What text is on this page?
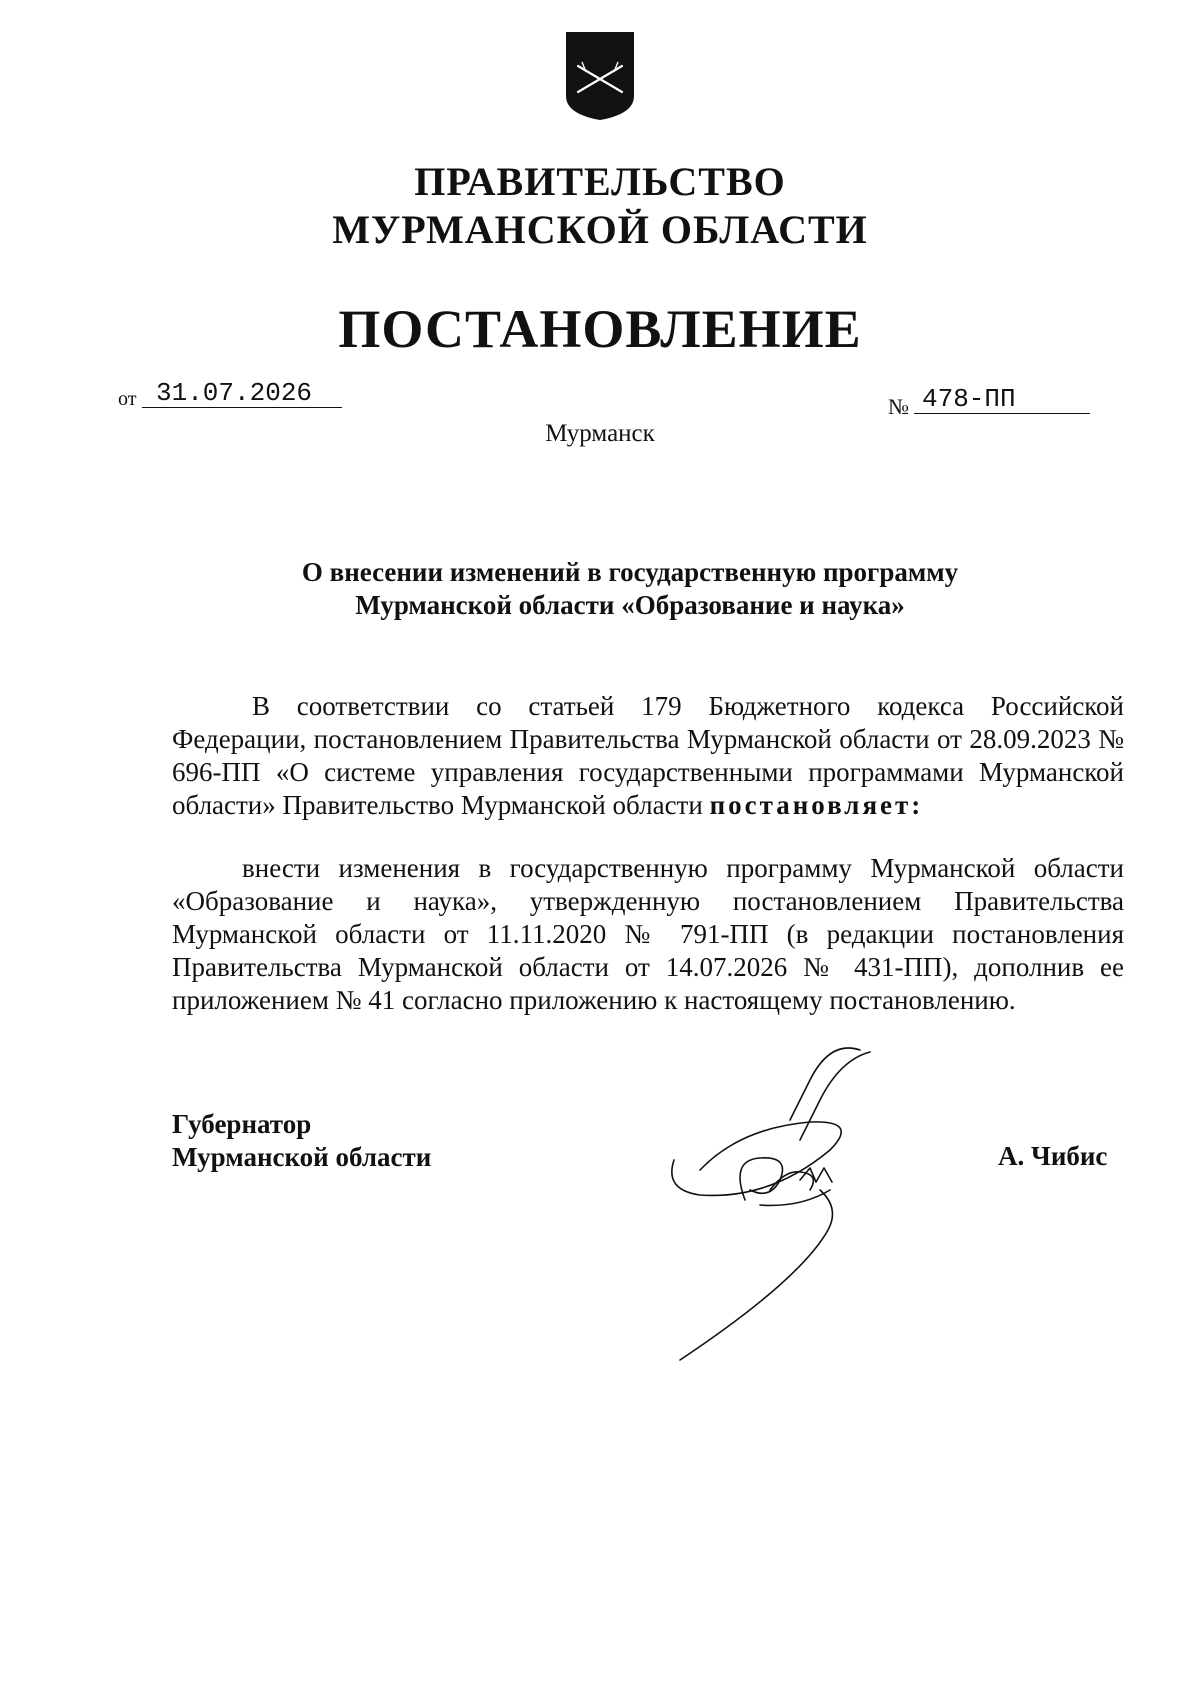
ПРАВИТЕЛЬСТВО
МУРМАНСКОЙ ОБЛАСТИ
ПОСТАНОВЛЕНИЕ
от 31.07.2026	№ 478-ПП
Мурманск
О внесении изменений в государственную программу
Мурманской области «Образование и наука»
В соответствии со статьей 179 Бюджетного кодекса Российской Федерации, постановлением Правительства Мурманской области от 28.09.2023 № 696-ПП «О системе управления государственными программами Мурманской области» Правительство Мурманской области постановляет:
внести изменения в государственную программу Мурманской области «Образование и наука», утвержденную постановлением Правительства Мурманской области от 11.11.2020 № 791-ПП (в редакции постановления Правительства Мурманской области от 14.07.2026 № 431-ПП), дополнив ее приложением № 41 согласно приложению к настоящему постановлению.
Губернатор
Мурманской области	А. Чибис
